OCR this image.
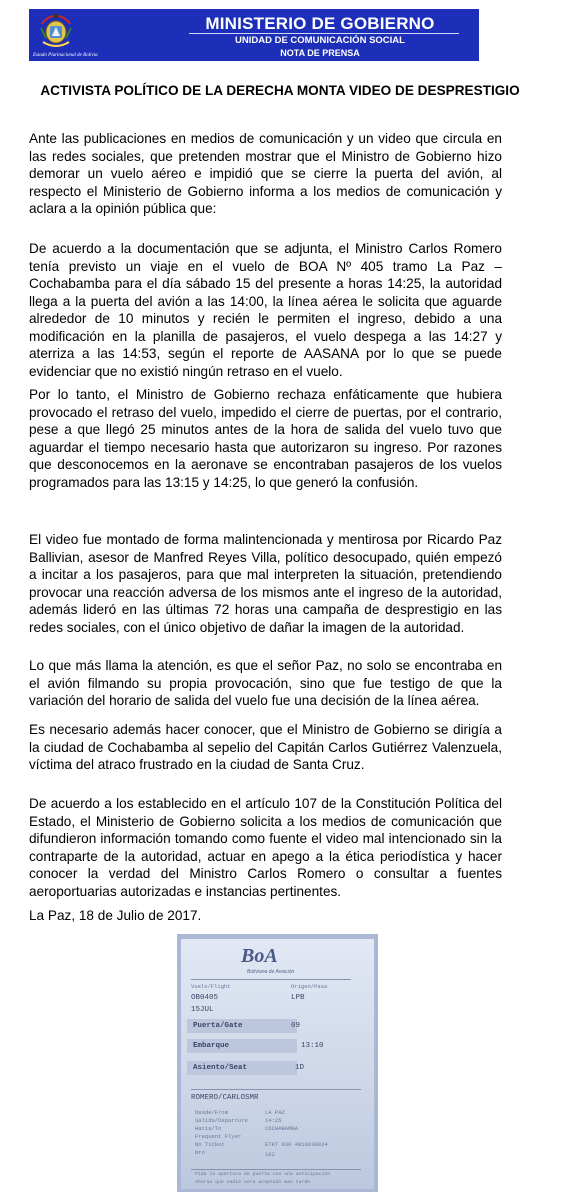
Estado Plurinacional de Bolivia
MINISTERIO DE GOBIERNO
UNIDAD DE COMUNICACIÓN SOCIAL
NOTA DE PRENSA
ACTIVISTA POLÍTICO DE LA DERECHA MONTA VIDEO DE DESPRESTIGIO
Ante las publicaciones en medios de comunicación y un video que circula en las redes sociales, que pretenden mostrar que el Ministro de Gobierno hizo demorar un vuelo aéreo e impidió que se cierre la puerta del avión, al respecto el Ministerio de Gobierno informa a los medios de comunicación y aclara a la opinión pública que:
De acuerdo a la documentación que se adjunta, el Ministro Carlos Romero tenía previsto un viaje en el vuelo de BOA Nº 405 tramo La Paz – Cochabamba para el día sábado 15 del presente a horas 14:25, la autoridad llega a la puerta del avión a las 14:00, la línea aérea le solicita que aguarde alrededor de 10 minutos y recién le permiten el ingreso, debido a una modificación en la planilla de pasajeros, el vuelo despega a las 14:27 y aterriza a las 14:53, según el reporte de AASANA por lo que se puede evidenciar que no existió ningún retraso en el vuelo.
Por lo tanto, el Ministro de Gobierno rechaza enfáticamente que hubiera provocado el retraso del vuelo, impedido el cierre de puertas, por el contrario, pese a que llegó 25 minutos antes de la hora de salida del vuelo tuvo que aguardar el tiempo necesario hasta que autorizaron su ingreso. Por razones que desconocemos en la aeronave se encontraban pasajeros de los vuelos programados para las 13:15 y 14:25, lo que generó la confusión.
El video fue montado de forma malintencionada y mentirosa por Ricardo Paz Ballivian, asesor de Manfred Reyes Villa, político desocupado, quién empezó a incitar a los pasajeros, para que mal interpreten la situación, pretendiendo provocar una reacción adversa de los mismos ante el ingreso de la autoridad, además lideró en las últimas 72 horas una campaña de desprestigio en las redes sociales, con el único objetivo de dañar la imagen de la autoridad.
Lo que más llama la atención, es que el señor Paz, no solo se encontraba en el avión filmando su propia provocación, sino que fue testigo de que la variación del horario de salida del vuelo fue una decisión de la línea aérea.
Es necesario además hacer conocer, que el Ministro de Gobierno se dirigía a la ciudad de Cochabamba al sepelio del Capitán Carlos Gutiérrez Valenzuela, víctima del atraco frustrado en la ciudad de Santa Cruz.
De acuerdo a los establecido en el artículo 107 de la Constitución Política del Estado, el Ministerio de Gobierno solicita a los medios de comunicación que difundieron información tomando como fuente el video mal intencionado sin la contraparte de la autoridad, actuar en apego a la ética periodística y hacer conocer la verdad del Ministro Carlos Romero o consultar a fuentes aeroportuarias autorizadas e instancias pertinentes.
La Paz, 18 de Julio de 2017.
BoA
Boliviana de Aviación
Vuelo/Flight	Origen/Pasa
OB0405	LPB
15JUL
Puerta/Gate	09
Embarque	13:10
Asiento/Seat	1D
ROMERO/CARLOSMR
Desde/From	LA PAZ
Salida/Departure	14:25
Hacia/To	COCHABAMBA
Frequent Flyer
No Ticket	ETKT 930 4918630024
Nro	102
Pida la apertura de puerta con una anticipación
Ahoraa que nadie sera aceptado mas tarde
